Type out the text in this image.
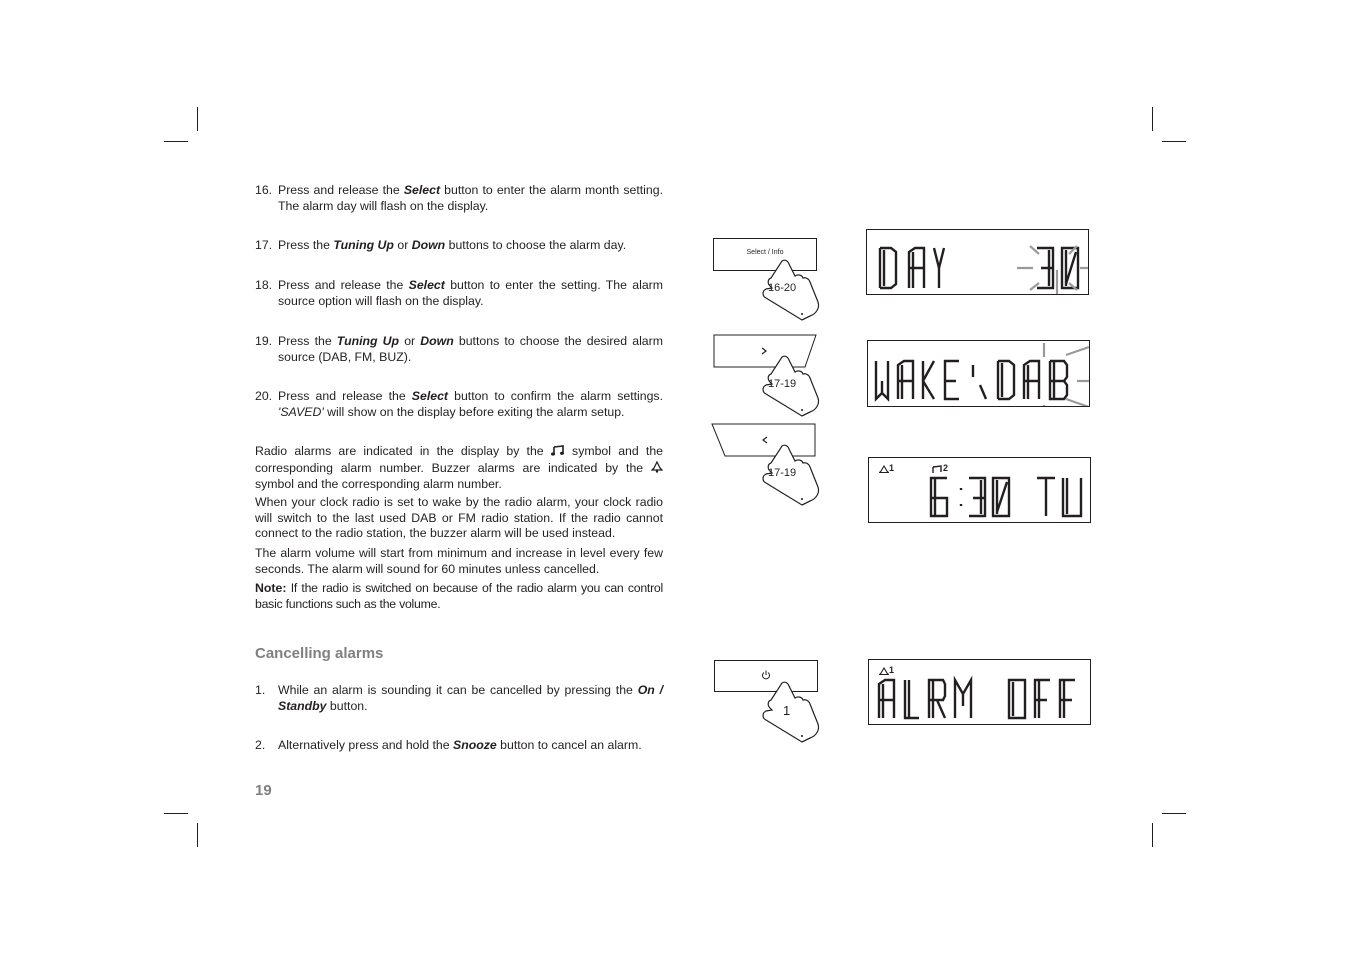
16. Press and release the Select button to enter the alarm month setting. The alarm day will flash on the display.
17. Press the Tuning Up or Down buttons to choose the alarm day.
18. Press and release the Select button to enter the setting. The alarm source option will flash on the display.
19. Press the Tuning Up or Down buttons to choose the desired alarm source (DAB, FM, BUZ).
20. Press and release the Select button to confirm the alarm settings. 'SAVED' will show on the display before exiting the alarm setup.
Radio alarms are indicated in the display by the  symbol and the corresponding alarm number. Buzzer alarms are indicated by the  symbol and the corresponding alarm number.
When your clock radio is set to wake by the radio alarm, your clock radio will switch to the last used DAB or FM radio station. If the radio cannot connect to the radio station, the buzzer alarm will be used instead.
The alarm volume will start from minimum and increase in level every few seconds. The alarm will sound for 60 minutes unless cancelled.
Note: If the radio is switched on because of the radio alarm you can control basic functions such as the volume.
Cancelling alarms
1.	While an alarm is sounding it can be cancelled by pressing the On / Standby button.
2.	Alternatively press and hold the Snooze button to cancel an alarm.
19
Select / Info
16-20
17-19
17-19
1
1	2
1
